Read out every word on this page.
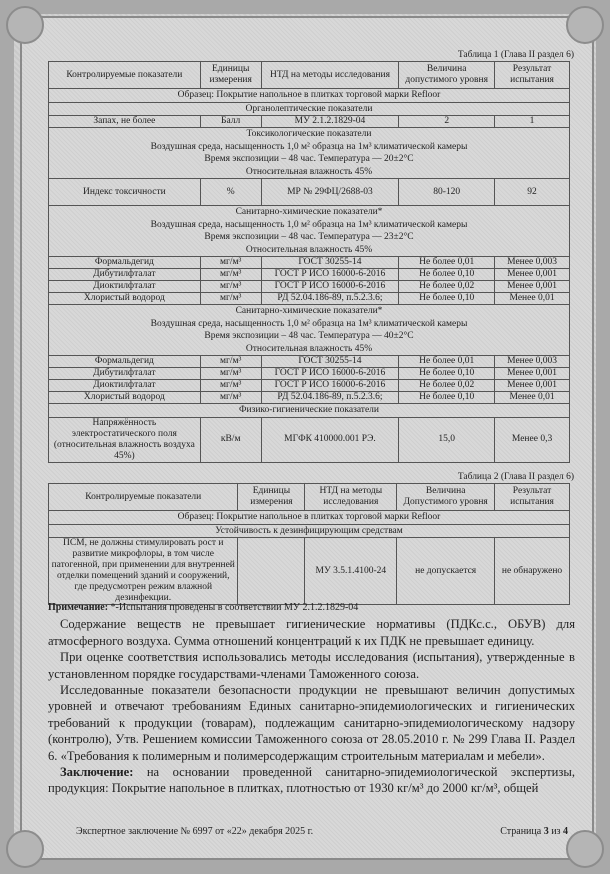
Таблица 1 (Глава II раздел 6)
Контролируемые показатели	Единицы измерения	НТД на методы исследования	Величина допустимого уровня	Результат испытания

Образец: Покрытие напольное в плитках торговой марки Refloor				

Органолептические показатели				

Запах, не более	Балл	МУ 2.1.2.1829-04	2	1

Токсикологические показатели
Воздушная среда, насыщенность 1,0 м² образца на 1м³ климатической камеры
Время экспозиции – 48 час. Температура — 20±2°С
Относительная влажность 45%				

Индекс токсичности	%	МР № 29ФЦ/2688-03	80-120	92

Санитарно-химические показатели*
Воздушная среда, насыщенность 1,0 м² образца на 1м³ климатической камеры
Время экспозиции – 48 час. Температура — 23±2°С
Относительная влажность 45%				

Формальдегид	мг/м³	ГОСТ 30255-14	Не более 0,01	Менее 0,003
Дибутилфталат	мг/м³	ГОСТ Р ИСО 16000-6-2016	Не более 0,10	Менее 0,001
Диоктилфталат	мг/м³	ГОСТ Р ИСО 16000-6-2016	Не более 0,02	Менее 0,001
Хлористый водород	мг/м³	РД 52.04.186-89, п.5.2.3.6;	Не более 0,10	Менее 0,01

Санитарно-химические показатели*
Воздушная среда, насыщенность 1,0 м² образца на 1м³ климатической камеры
Время экспозиции – 48 час. Температура — 40±2°С
Относительная влажность 45%				

Формальдегид	мг/м³	ГОСТ 30255-14	Не более 0,01	Менее 0,003
Дибутилфталат	мг/м³	ГОСТ Р ИСО 16000-6-2016	Не более 0,10	Менее 0,001
Диоктилфталат	мг/м³	ГОСТ Р ИСО 16000-6-2016	Не более 0,02	Менее 0,001
Хлористый водород	мг/м³	РД 52.04.186-89, п.5.2.3.6;	Не более 0,10	Менее 0,01

Физико-гигиенические показатели				

Напряжённость электростатического поля (относительная влажность воздуха 45%)	кВ/м	МГФК 410000.001 РЭ.	15,0	Менее 0,3
Таблица 2 (Глава II раздел 6)
Контролируемые показатели	Единицы измерения	НТД на методы исследования	Величина Допустимого уровня	Результат испытания

Образец: Покрытие напольное в плитках торговой марки Refloor				

Устойчивость к дезинфицирующим средствам				

ПСМ, не должны стимулировать рост и развитие микрофлоры, в том числе патогенной, при применении для внутренней отделки помещений зданий и сооружений, где предусмотрен режим влажной дезинфекции.		МУ 3.5.1.4100-24	не допускается	не обнаружено

Примечание: *-Испытания проведены в соответствии МУ 2.1.2.1829-04

Содержание веществ не превышает гигиенические нормативы (ПДКс.с., ОБУВ) для атмосферного воздуха. Сумма отношений концентраций к их ПДК не превышает единицу.

При оценке соответствия использовались методы исследования (испытания), утвержденные в установленном порядке государствами-членами Таможенного союза.

Исследованные показатели безопасности продукции не превышают величин допустимых уровней и отвечают требованиям Единых санитарно-эпидемиологических и гигиенических требований к продукции (товарам), подлежащим санитарно-эпидемиологическому надзору (контролю), Утв. Решением комиссии Таможенного союза от 28.05.2010 г. № 299 Глава II. Раздел 6. «Требования к полимерным и полимерсодержащим строительным материалам и мебели».

Заключение: на основании проведенной санитарно-эпидемиологической экспертизы, продукция: Покрытие напольное в плитках, плотностью от 1930 кг/м³ до 2000 кг/м³, общей

Экспертное заключение № 6997 от «22» декабря 2025 г.	Страница 3 из 4
